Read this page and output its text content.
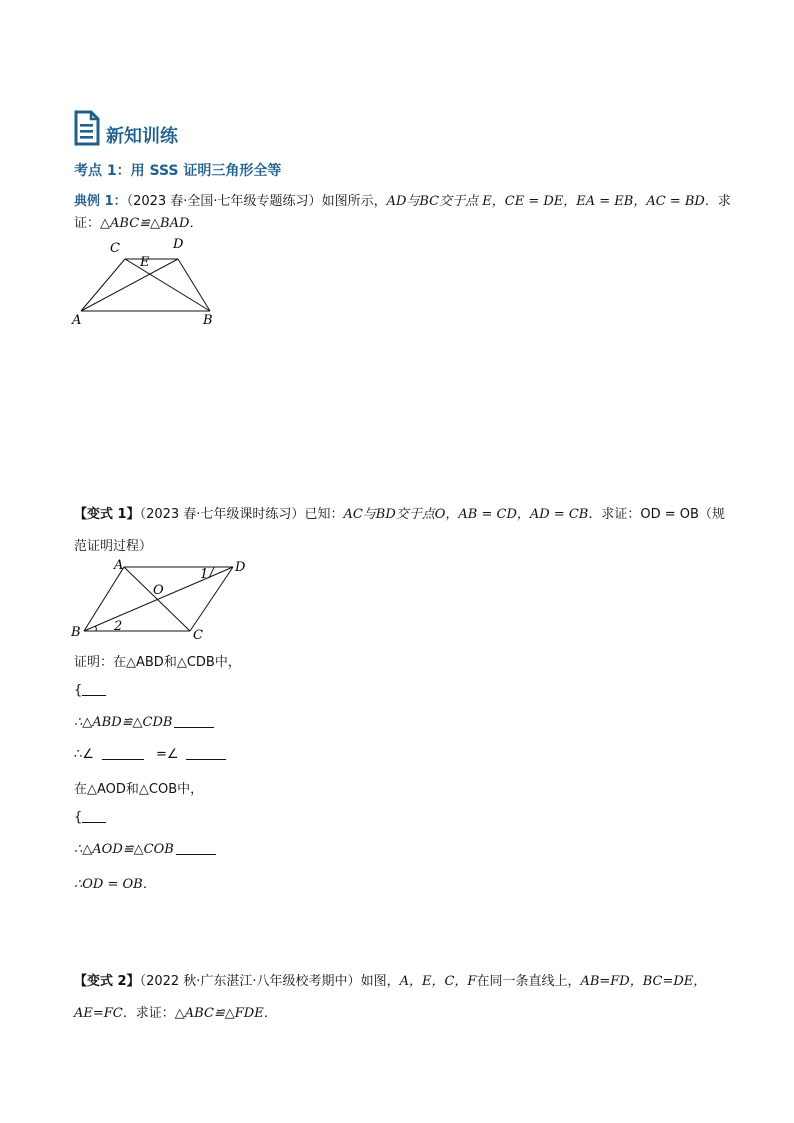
新知训练
考点 1：用 SSS 证明三角形全等
典例 1：（2023 春·全国·七年级专题练习）如图所示，AD与BC交于点 E，CE = DE，EA = EB，AC = BD．求
证：△ABC≌△BAD．
C	D
E
A	B
【变式 1】（2023 春·七年级课时练习）已知：AC与BD交于点O，AB = CD，AD = CB．求证：OD = OB（规
范证明过程）
A	D
O
1
2
B	C
证明：在△ABD和△CDB中，
{
∴△ABD≌△CDB
∴∠	=∠
在△AOD和△COB中，
{
∴△AOD≌△COB
∴OD = OB．
【变式 2】（2022 秋·广东湛江·八年级校考期中）如图，A，E，C，F在同一条直线上，AB=FD，BC=DE，
AE=FC．求证：△ABC≌△FDE．
